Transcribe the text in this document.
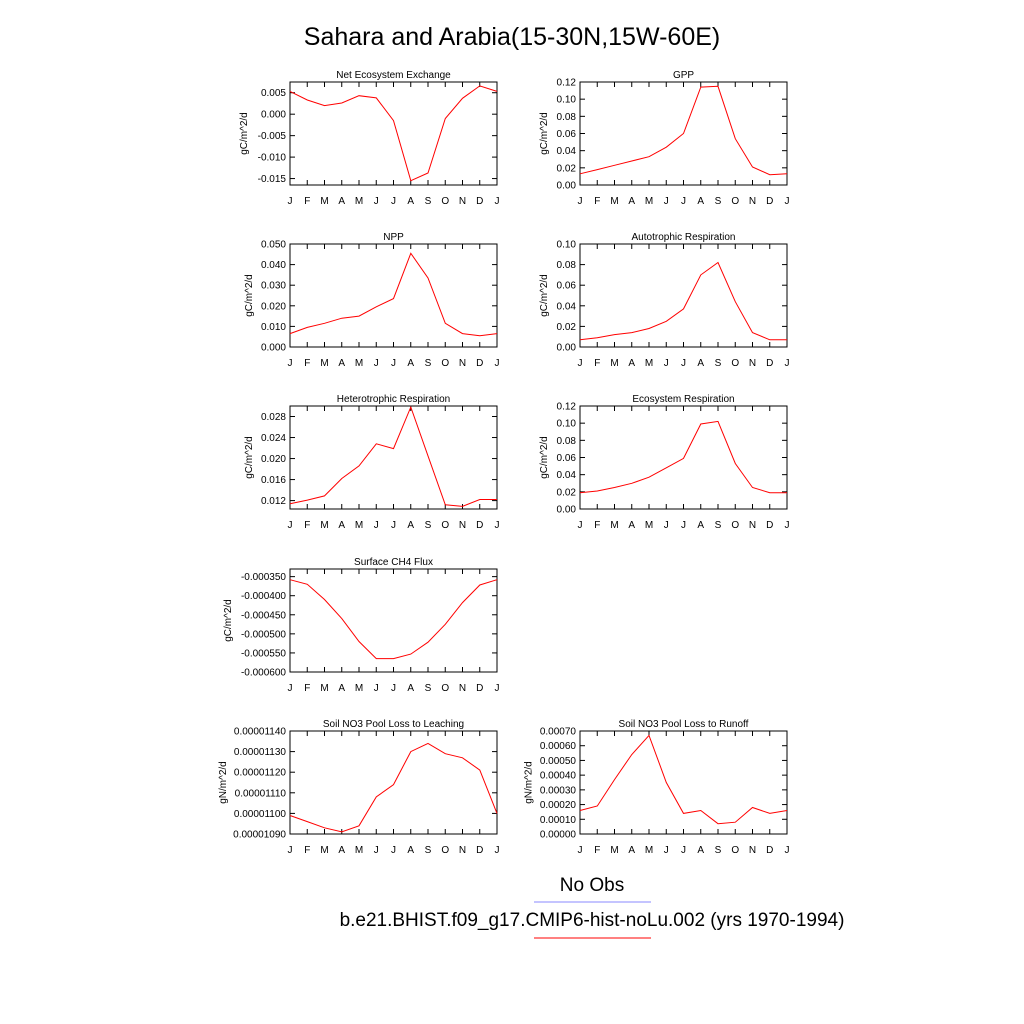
Sahara and Arabia(15-30N,15W-60E)
Net Ecosystem Exchange
gC/m^2/d
-0.015
-0.010
-0.005
0.000
0.005
J F M A M J J A S O N D J
GPP
gC/m^2/d
0.00
0.02
0.04
0.06
0.08
0.10
0.12
J F M A M J J A S O N D J
NPP
gC/m^2/d
0.000
0.010
0.020
0.030
0.040
0.050
J F M A M J J A S O N D J
Autotrophic Respiration
gC/m^2/d
0.00
0.02
0.04
0.06
0.08
0.10
J F M A M J J A S O N D J
Heterotrophic Respiration
gC/m^2/d
0.012
0.016
0.020
0.024
0.028
J F M A M J J A S O N D J
Ecosystem Respiration
gC/m^2/d
0.00
0.02
0.04
0.06
0.08
0.10
0.12
J F M A M J J A S O N D J
Surface CH4 Flux
gC/m^2/d
-0.000600
-0.000550
-0.000500
-0.000450
-0.000400
-0.000350
J F M A M J J A S O N D J
Soil NO3 Pool Loss to Leaching
gN/m^2/d
0.00001090
0.00001100
0.00001110
0.00001120
0.00001130
0.00001140
J F M A M J J A S O N D J
Soil NO3 Pool Loss to Runoff
gN/m^2/d
0.00000
0.00010
0.00020
0.00030
0.00040
0.00050
0.00060
0.00070
J F M A M J J A S O N D J
No Obs
b.e21.BHIST.f09_g17.CMIP6-hist-noLu.002 (yrs 1970-1994)
